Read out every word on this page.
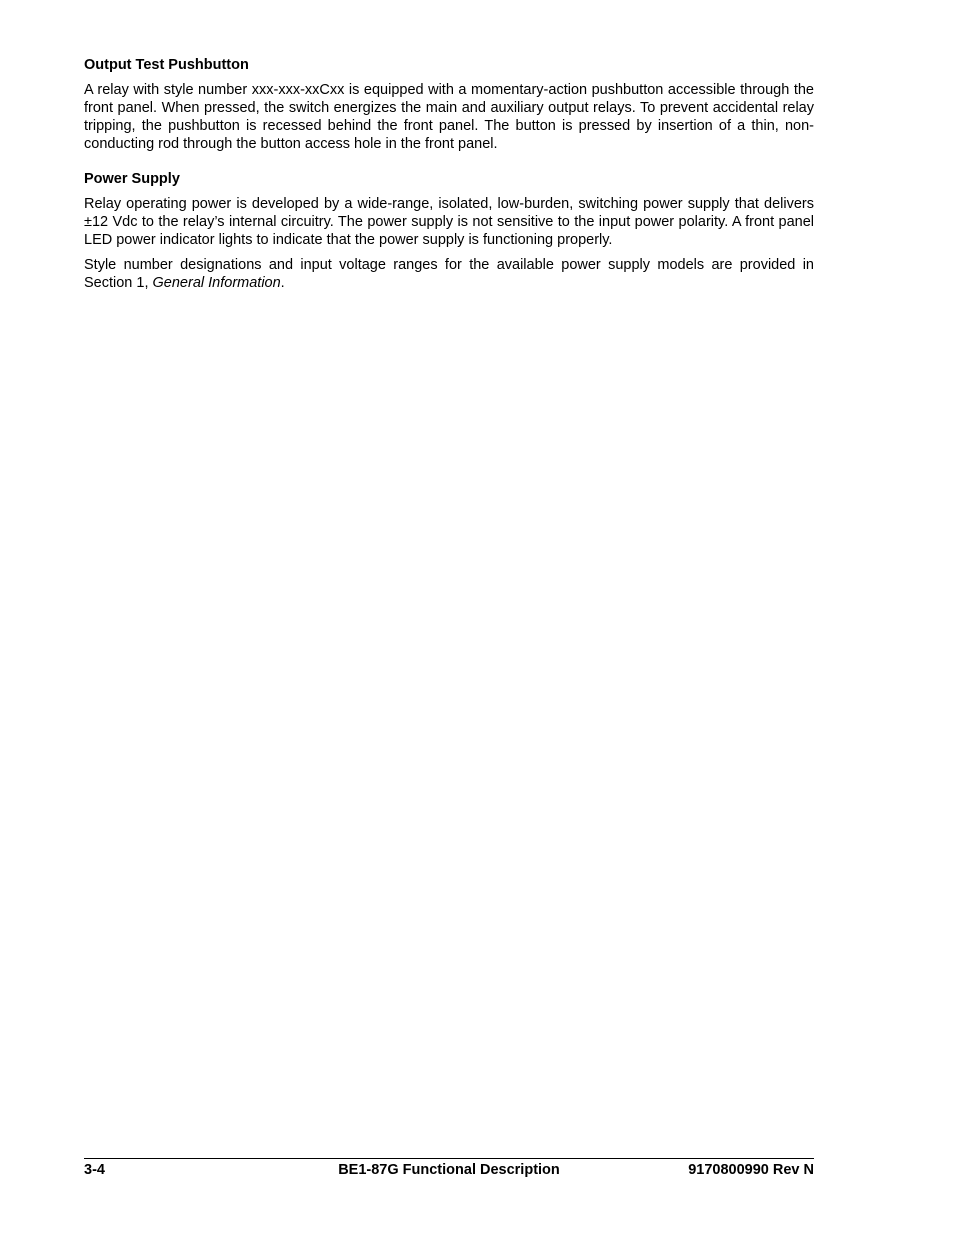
Output Test Pushbutton

A relay with style number xxx-xxx-xxCxx is equipped with a momentary-action pushbutton accessible through the front panel. When pressed, the switch energizes the main and auxiliary output relays. To prevent accidental relay tripping, the pushbutton is recessed behind the front panel. The button is pressed by insertion of a thin, non-conducting rod through the button access hole in the front panel.

Power Supply

Relay operating power is developed by a wide-range, isolated, low-burden, switching power supply that delivers ±12 Vdc to the relay’s internal circuitry. The power supply is not sensitive to the input power polarity. A front panel LED power indicator lights to indicate that the power supply is functioning properly.

Style number designations and input voltage ranges for the available power supply models are provided in Section 1, General Information.

3-4	BE1-87G Functional Description	9170800990 Rev N
